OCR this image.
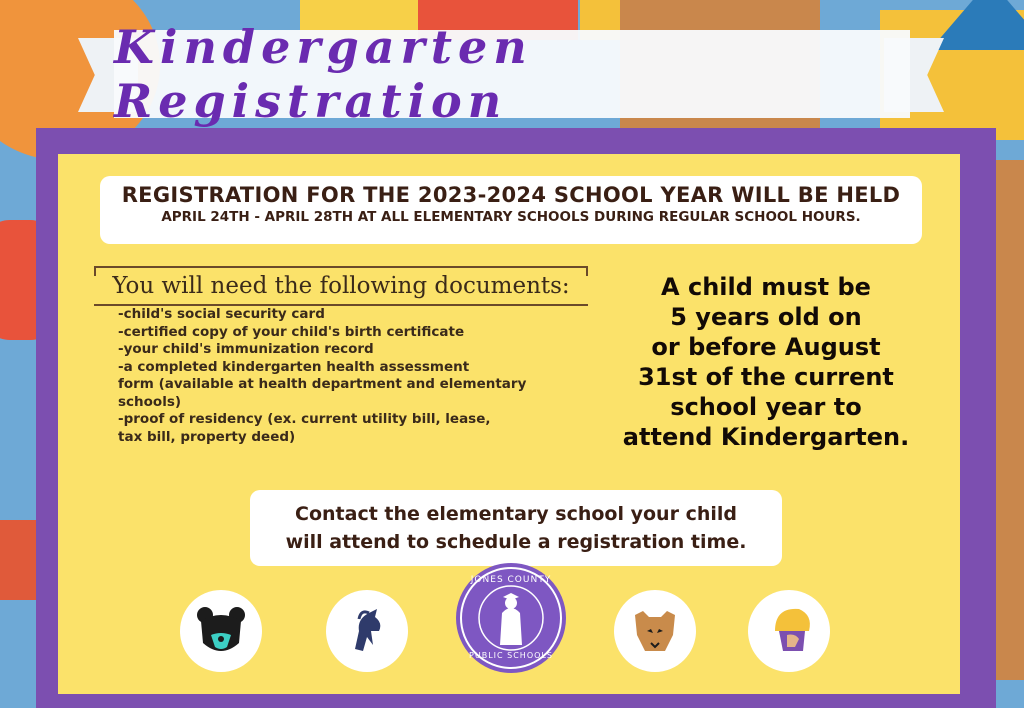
Kindergarten Registration
REGISTRATION FOR THE 2023-2024 SCHOOL YEAR WILL BE HELD
APRIL 24TH - APRIL 28TH AT ALL ELEMENTARY SCHOOLS DURING REGULAR SCHOOL HOURS.
You will need the following documents:
-child's social security card
-certified copy of your child's birth certificate
-your child's immunization record
-a completed kindergarten health assessment
form (available at health department and elementary
schools)
-proof of residency (ex. current utility bill, lease,
tax bill, property deed)
A child must be
5 years old on
or before August
31st of the current
school year to
attend Kindergarten.
Contact the elementary school your child
will attend to schedule a registration time.
JONES COUNTY
PUBLIC SCHOOLS
